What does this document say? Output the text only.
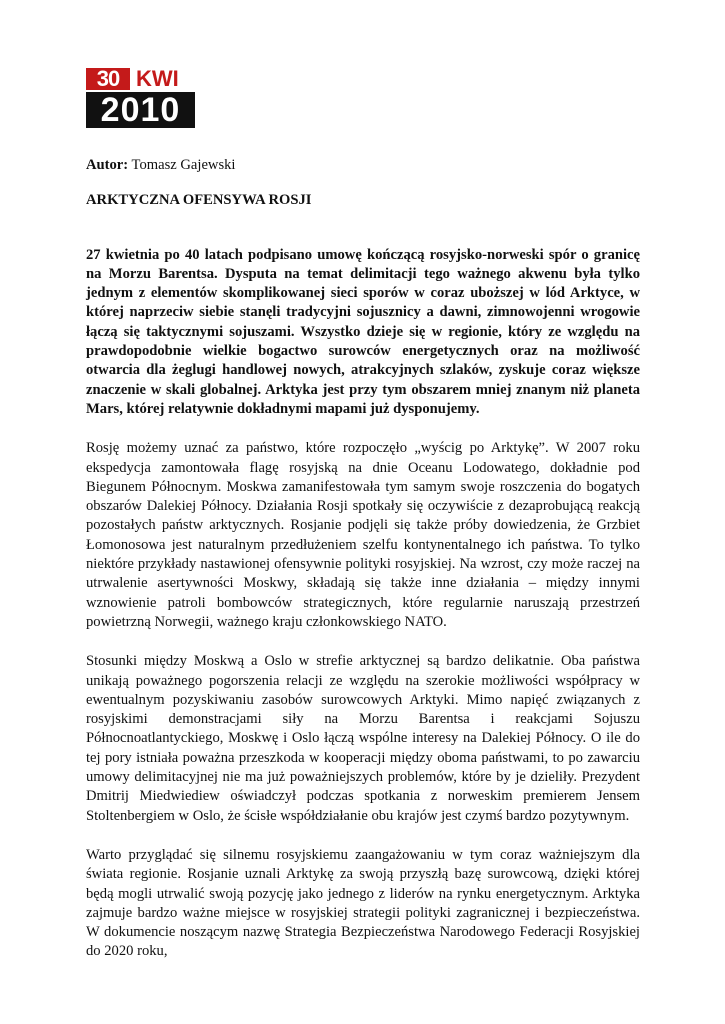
30 KWI
2010

Autor: Tomasz Gajewski

ARKTYCZNA OFENSYWA ROSJI

27 kwietnia po 40 latach podpisano umowę kończącą rosyjsko-norweski spór o granicę na Morzu Barentsa. Dysputa na temat delimitacji tego ważnego akwenu była tylko jednym z elementów skomplikowanej sieci sporów w coraz uboższej w lód Arktyce, w której naprzeciw siebie stanęli tradycyjni sojusznicy a dawni, zimnowojenni wrogowie łączą się taktycznymi sojuszami. Wszystko dzieje się w regionie, który ze względu na prawdopodobnie wielkie bogactwo surowców energetycznych oraz na możliwość otwarcia dla żeglugi handlowej nowych, atrakcyjnych szlaków, zyskuje coraz większe znaczenie w skali globalnej. Arktyka jest przy tym obszarem mniej znanym niż planeta Mars, której relatywnie dokładnymi mapami już dysponujemy.

Rosję możemy uznać za państwo, które rozpoczęło „wyścig po Arktykę”. W 2007 roku ekspedycja zamontowała flagę rosyjską na dnie Oceanu Lodowatego, dokładnie pod Biegunem Północnym. Moskwa zamanifestowała tym samym swoje roszczenia do bogatych obszarów Dalekiej Północy. Działania Rosji spotkały się oczywiście z dezaprobującą reakcją pozostałych państw arktycznych. Rosjanie podjęli się także próby dowiedzenia, że Grzbiet Łomonosowa jest naturalnym przedłużeniem szelfu kontynentalnego ich państwa. To tylko niektóre przykłady nastawionej ofensywnie polityki rosyjskiej. Na wzrost, czy może raczej na utrwalenie asertywności Moskwy, składają się także inne działania – między innymi wznowienie patroli bombowców strategicznych, które regularnie naruszają przestrzeń powietrzną Norwegii, ważnego kraju członkowskiego NATO.

Stosunki między Moskwą a Oslo w strefie arktycznej są bardzo delikatnie. Oba państwa unikają poważnego pogorszenia relacji ze względu na szerokie możliwości współpracy w ewentualnym pozyskiwaniu zasobów surowcowych Arktyki. Mimo napięć związanych z rosyjskimi demonstracjami siły na Morzu Barentsa i reakcjami Sojuszu Północnoatlantyckiego, Moskwę i Oslo łączą wspólne interesy na Dalekiej Północy. O ile do tej pory istniała poważna przeszkoda w kooperacji między oboma państwami, to po zawarciu umowy delimitacyjnej nie ma już poważniejszych problemów, które by je dzieliły. Prezydent Dmitrij Miedwiediew oświadczył podczas spotkania z norweskim premierem Jensem Stoltenbergiem w Oslo, że ścisłe współdziałanie obu krajów jest czymś bardzo pozytywnym.

Warto przyglądać się silnemu rosyjskiemu zaangażowaniu w tym coraz ważniejszym dla świata regionie. Rosjanie uznali Arktykę za swoją przyszłą bazę surowcową, dzięki której będą mogli utrwalić swoją pozycję jako jednego z liderów na rynku energetycznym. Arktyka zajmuje bardzo ważne miejsce w rosyjskiej strategii polityki zagranicznej i bezpieczeństwa. W dokumencie noszącym nazwę Strategia Bezpieczeństwa Narodowego Federacji Rosyjskiej do 2020 roku,
